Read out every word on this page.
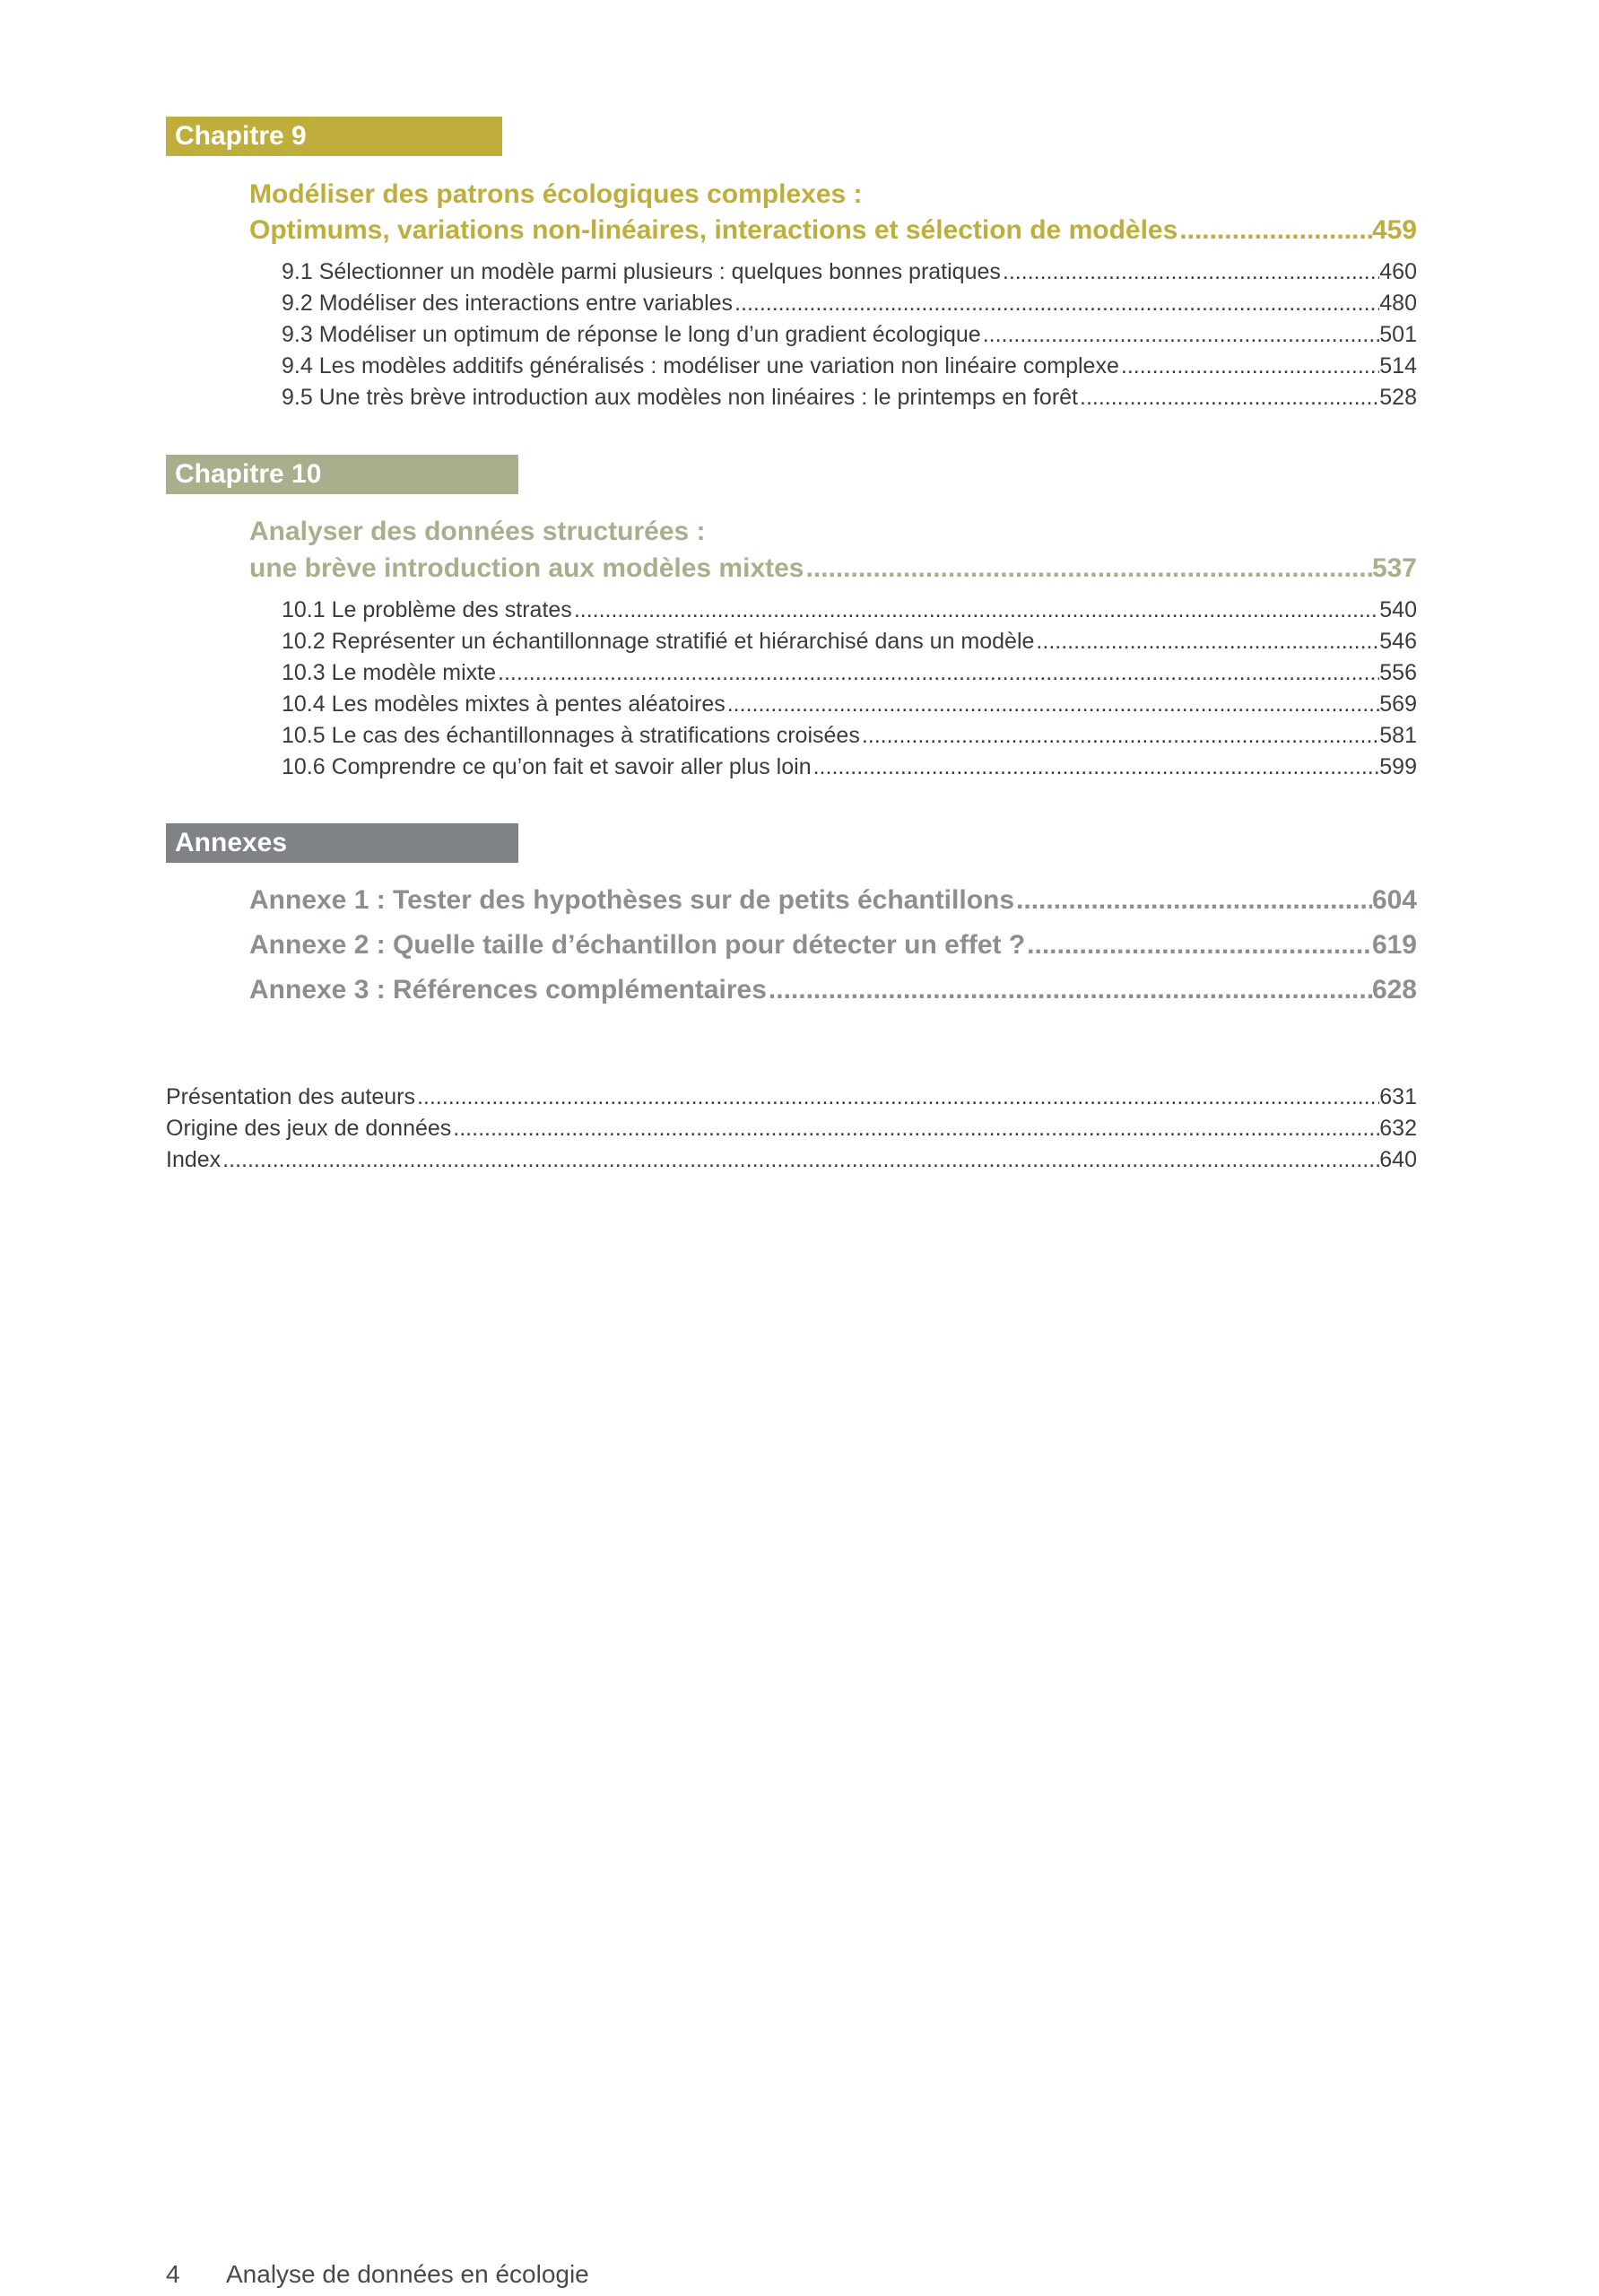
Chapitre 9
Modéliser des patrons écologiques complexes :
Optimums, variations non-linéaires, interactions et sélection de modèles .....	459
9.1 Sélectionner un modèle parmi plusieurs : quelques bonnes pratiques .....	460
9.2 Modéliser des interactions entre variables .....	480
9.3 Modéliser un optimum de réponse le long d’un gradient écologique .....	501
9.4 Les modèles additifs généralisés : modéliser une variation non linéaire complexe .....	514
9.5 Une très brève introduction aux modèles non linéaires : le printemps en forêt .....	528
Chapitre 10
Analyser des données structurées :
une brève introduction aux modèles mixtes .....	537
10.1 Le problème des strates .....	540
10.2 Représenter un échantillonnage stratifié et hiérarchisé dans un modèle .....	546
10.3 Le modèle mixte .....	556
10.4 Les modèles mixtes à pentes aléatoires .....	569
10.5 Le cas des échantillonnages à stratifications croisées .....	581
10.6 Comprendre ce qu’on fait et savoir aller plus loin .....	599
Annexes
Annexe 1 : Tester des hypothèses sur de petits échantillons .....	604
Annexe 2 : Quelle taille d’échantillon pour détecter un effet ? .....	619
Annexe 3 : Références complémentaires .....	628
Présentation des auteurs .....	631
Origine des jeux de données .....	632
Index .....	640
4 Analyse de données en écologie
